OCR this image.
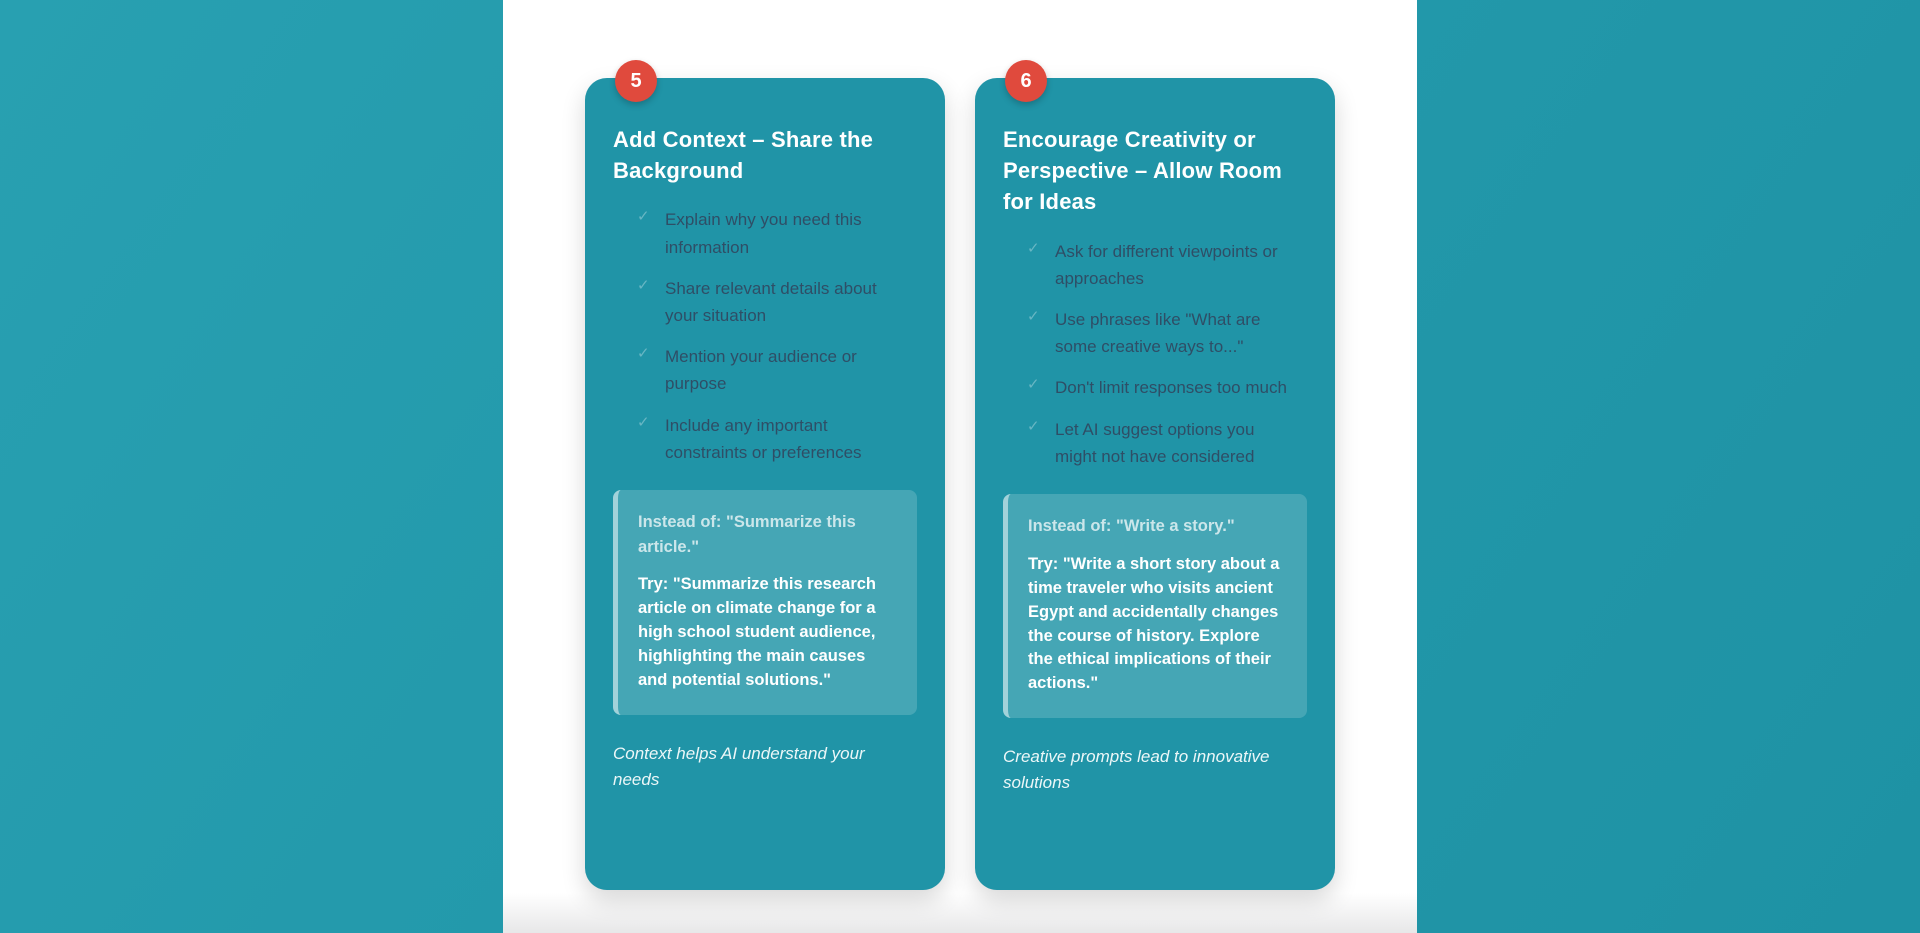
5
Add Context – Share the Background
✓ Explain why you need this information
✓ Share relevant details about your situation
✓ Mention your audience or purpose
✓ Include any important constraints or preferences

Instead of: "Summarize this article."

Try: "Summarize this research article on climate change for a high school student audience, highlighting the main causes and potential solutions."

Context helps AI understand your needs
6
Encourage Creativity or Perspective – Allow Room for Ideas
✓ Ask for different viewpoints or approaches
✓ Use phrases like "What are some creative ways to..."
✓ Don't limit responses too much
✓ Let AI suggest options you might not have considered

Instead of: "Write a story."

Try: "Write a short story about a time traveler who visits ancient Egypt and accidentally changes the course of history. Explore the ethical implications of their actions."

Creative prompts lead to innovative solutions
